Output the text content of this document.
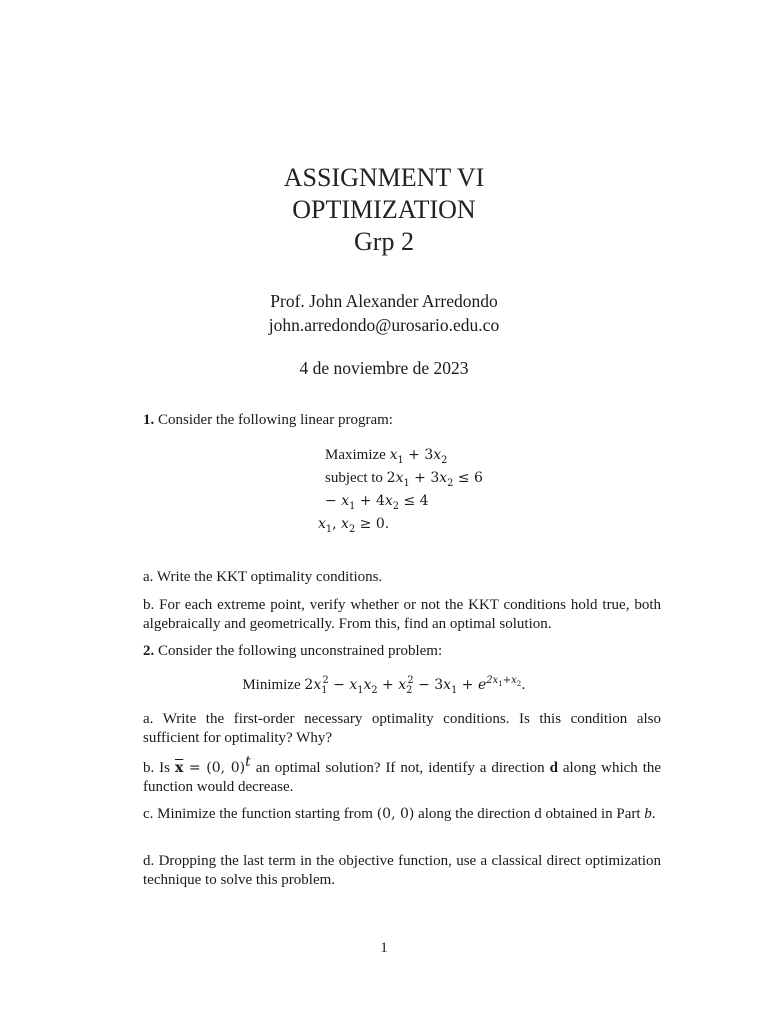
ASSIGNMENT VI
OPTIMIZATION
Grp 2
Prof. John Alexander Arredondo
john.arredondo@urosario.edu.co
4 de noviembre de 2023
1. Consider the following linear program:
Maximize $x_1 + 3x_2$
subject to $2x_1 + 3x_2 \le 6$
− $x_1 + 4x_2 \le 4$
$x_1$, $x_2 \ge 0$.
a. Write the KKT optimality conditions.
b. For each extreme point, verify whether or not the KKT conditions hold true, both algebraically and geometrically. From this, find an optimal solution.
2. Consider the following unconstrained problem:
Minimize $2x_1^2 - x_1x_2 + x_2^2 - 3x_1 + e^{2x_1+x_2}$.
a. Write the first-order necessary optimality conditions. Is this condition also sufficient for optimality? Why?
b. Is $\overline{x} = (0$, 0)$^t$ an optimal solution? If not, identify a direction d along which the function would decrease.
c. Minimize the function starting from (0, 0) along the direction d obtained in Part b.
d. Dropping the last term in the objective function, use a classical direct optimization technique to solve this problem.
1
